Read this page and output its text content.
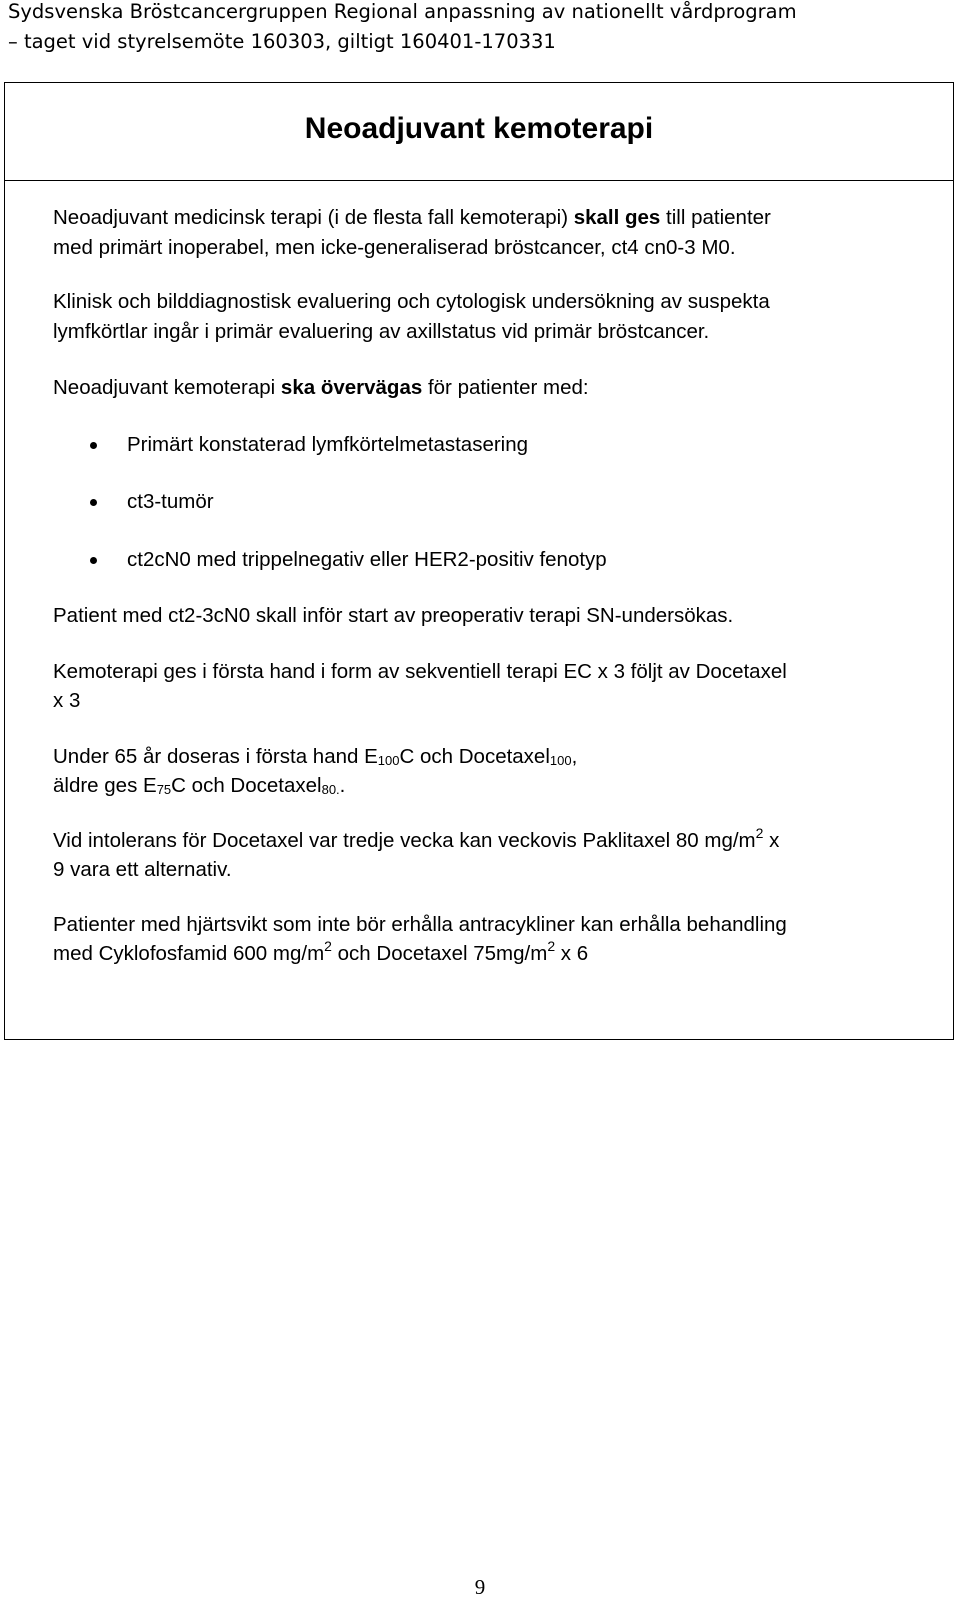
Sydsvenska Bröstcancergruppen Regional anpassning av nationellt vårdprogram
– taget vid styrelsemöte 160303, giltigt 160401-170331
Neoadjuvant kemoterapi
Neoadjuvant medicinsk terapi (i de flesta fall kemoterapi) skall ges till patienter
med primärt inoperabel, men icke-generaliserad bröstcancer, ct4 cn0-3 M0.
Klinisk och bilddiagnostisk evaluering och cytologisk undersökning av suspekta
lymfkörtlar ingår i primär evaluering av axillstatus vid primär bröstcancer.
Neoadjuvant kemoterapi ska övervägas för patienter med:
Primärt konstaterad lymfkörtelmetastasering
ct3-tumör
ct2cN0 med trippelnegativ eller HER2-positiv fenotyp
Patient med ct2-3cN0 skall inför start av preoperativ terapi SN-undersökas.
Kemoterapi ges i första hand i form av sekventiell terapi EC x 3 följt av Docetaxel
x 3
Under 65 år doseras i första hand E100C och Docetaxel100,
äldre ges E75C och Docetaxel80..
Vid intolerans för Docetaxel var tredje vecka kan veckovis Paklitaxel 80 $mg/m^2$ x
9 vara ett alternativ.
Patienter med hjärtsvikt som inte bör erhålla antracykliner kan erhålla behandling
med Cyklofosfamid 600 $mg/m^2$ och Docetaxel $75mg/m^2$ x 6
9
